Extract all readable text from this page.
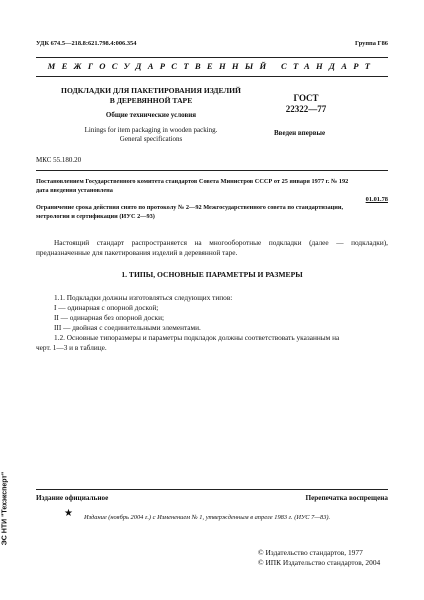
УДК 674.5—218.8:621.798.4:006.354	Группа Г86
МЕЖГОСУДАРСТВЕННЫЙ СТАНДАРТ
ПОДКЛАДКИ ДЛЯ ПАКЕТИРОВАНИЯ ИЗДЕЛИЙ
В ДЕРЕВЯННОЙ ТАРЕ
Общие технические условия
Linings for item packaging in wooden packing.
General specifications
ГОСТ
22322—77
Введен впервые
МКС 55.180.20
Постановлением Государственного комитета стандартов Совета Министров СССР от 25 января 1977 г. № 192
дата введения установлена
01.01.78
Ограничение срока действия снято по протоколу № 2—92 Межгосударственного совета по стандартизации,
метрологии и сертификации (ИУС 2—93)
Настоящий стандарт распространяется на многооборотные подкладки (далее — подкладки), предназначенные для пакетирования изделий в деревянной таре.
1. ТИПЫ, ОСНОВНЫЕ ПАРАМЕТРЫ И РАЗМЕРЫ
1.1. Подкладки должны изготовляться следующих типов:
I — одинарная с опорной доской;
II — одинарная без опорной доски;
III — двойная с соединительными элементами.
1.2. Основные типоразмеры и параметры подкладок должны соответствовать указанным на
черт. 1—3 и в таблице.
Издание официальное	Перепечатка воспрещена
★ Издание (ноябрь 2004 г.) с Изменением № 1, утвержденным в апреле 1983 г. (ИУС 7—83).
© Издательство стандартов, 1977
© ИПК Издательство стандартов, 2004
ЭС НТИ "Техэксперт"
